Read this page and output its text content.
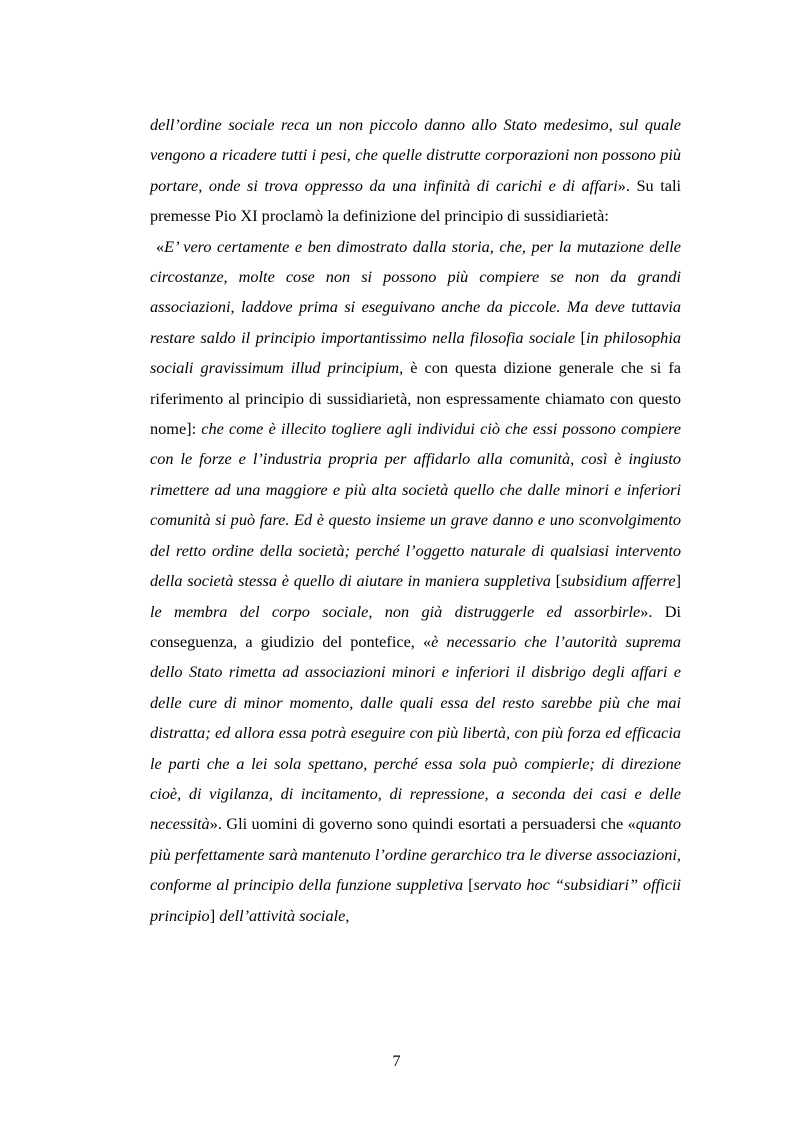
dell’ordine sociale reca un non piccolo danno allo Stato medesimo, sul quale vengono a ricadere tutti i pesi, che quelle distrutte corporazioni non possono più portare, onde si trova oppresso da una infinità di carichi e di affari». Su tali premesse Pio XI proclamò la definizione del principio di sussidiarietà:

«E’ vero certamente e ben dimostrato dalla storia, che, per la mutazione delle circostanze, molte cose non si possono più compiere se non da grandi associazioni, laddove prima si eseguivano anche da piccole. Ma deve tuttavia restare saldo il principio importantissimo nella filosofia sociale [in philosophia sociali gravissimum illud principium, è con questa dizione generale che si fa riferimento al principio di sussidiarietà, non espressamente chiamato con questo nome]: che come è illecito togliere agli individui ciò che essi possono compiere con le forze e l’industria propria per affidarlo alla comunità, così è ingiusto rimettere ad una maggiore e più alta società quello che dalle minori e inferiori comunità si può fare. Ed è questo insieme un grave danno e uno sconvolgimento del retto ordine della società; perché l’oggetto naturale di qualsiasi intervento della società stessa è quello di aiutare in maniera suppletiva [subsidium afferre] le membra del corpo sociale, non già distruggerle ed assorbirle». Di conseguenza, a giudizio del pontefice, «è necessario che l’autorità suprema dello Stato rimetta ad associazioni minori e inferiori il disbrigo degli affari e delle cure di minor momento, dalle quali essa del resto sarebbe più che mai distratta; ed allora essa potrà eseguire con più libertà, con più forza ed efficacia le parti che a lei sola spettano, perché essa sola può compierle; di direzione cioè, di vigilanza, di incitamento, di repressione, a seconda dei casi e delle necessità». Gli uomini di governo sono quindi esortati a persuadersi che «quanto più perfettamente sarà mantenuto l’ordine gerarchico tra le diverse associazioni, conforme al principio della funzione suppletiva [servato hoc “subsidiari” officii principio] dell’attività sociale,

7
